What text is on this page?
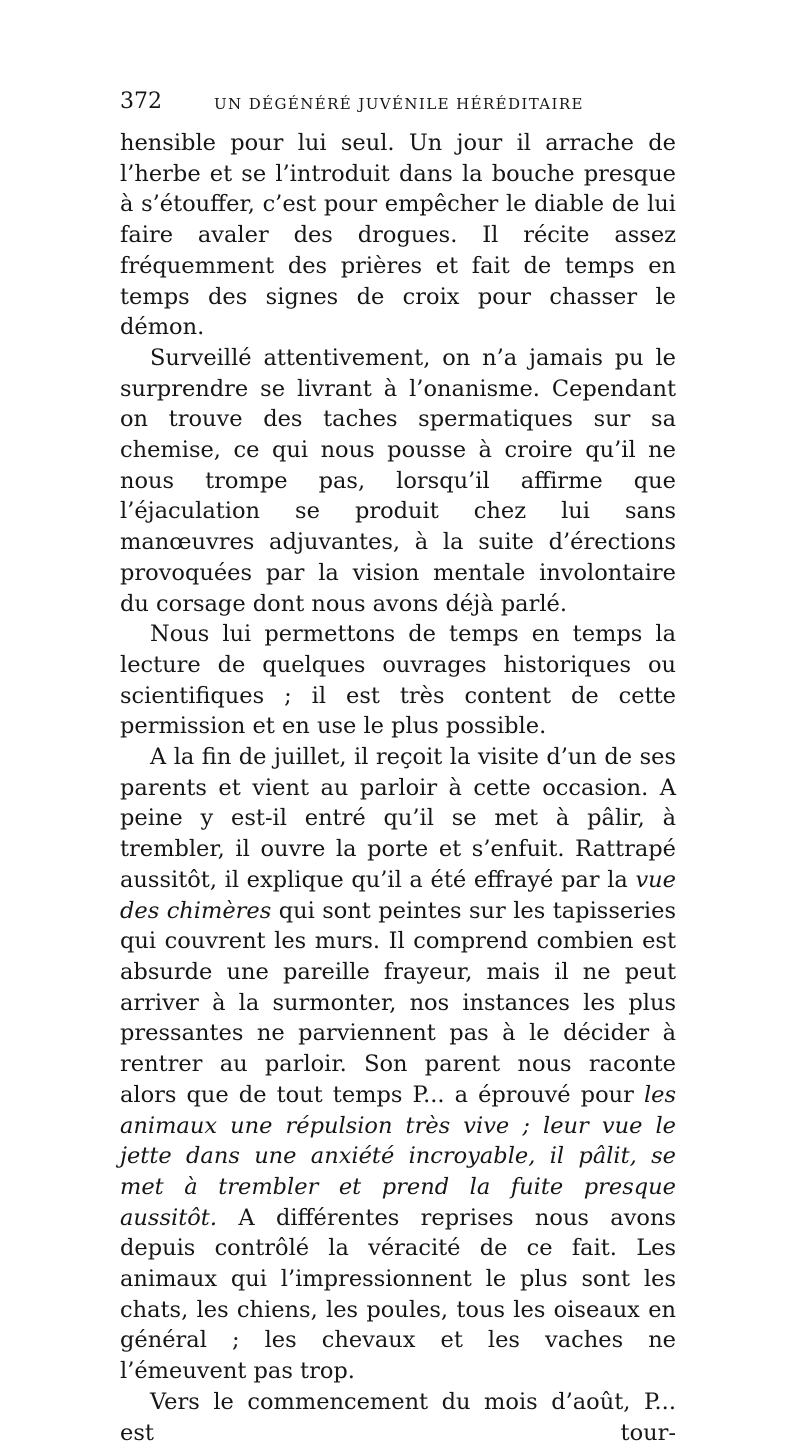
372	UN DÉGÉNÉRÉ JUVÉNILE HÉRÉDITAIRE

hensible pour lui seul. Un jour il arrache de l’herbe et se l’introduit dans la bouche presque à s’étouffer, c’est pour empêcher le diable de lui faire avaler des drogues. Il récite assez fréquemment des prières et fait de temps en temps des signes de croix pour chasser le démon.

Surveillé attentivement, on n’a jamais pu le surprendre se livrant à l’onanisme. Cependant on trouve des taches spermatiques sur sa chemise, ce qui nous pousse à croire qu’il ne nous trompe pas, lorsqu’il affirme que l’éjaculation se produit chez lui sans manœuvres adjuvantes, à la suite d’érections provoquées par la vision mentale involontaire du corsage dont nous avons déjà parlé.

Nous lui permettons de temps en temps la lecture de quelques ouvrages historiques ou scientifiques ; il est très content de cette permission et en use le plus possible.

A la fin de juillet, il reçoit la visite d’un de ses parents et vient au parloir à cette occasion. A peine y est-il entré qu’il se met à pâlir, à trembler, il ouvre la porte et s’enfuit. Rattrapé aussitôt, il explique qu’il a été effrayé par la vue des chimères qui sont peintes sur les tapisseries qui couvrent les murs. Il comprend combien est absurde une pareille frayeur, mais il ne peut arriver à la surmonter, nos instances les plus pressantes ne parviennent pas à le décider à rentrer au parloir. Son parent nous raconte alors que de tout temps P... a éprouvé pour les animaux une répulsion très vive ; leur vue le jette dans une anxiété incroyable, il pâlit, se met à trembler et prend la fuite presque aussitôt. A différentes reprises nous avons depuis contrôlé la véracité de ce fait. Les animaux qui l’impressionnent le plus sont les chats, les chiens, les poules, tous les oiseaux en général ; les chevaux et les vaches ne l’émeuvent pas trop.

Vers le commencement du mois d’août, P... est tour-
